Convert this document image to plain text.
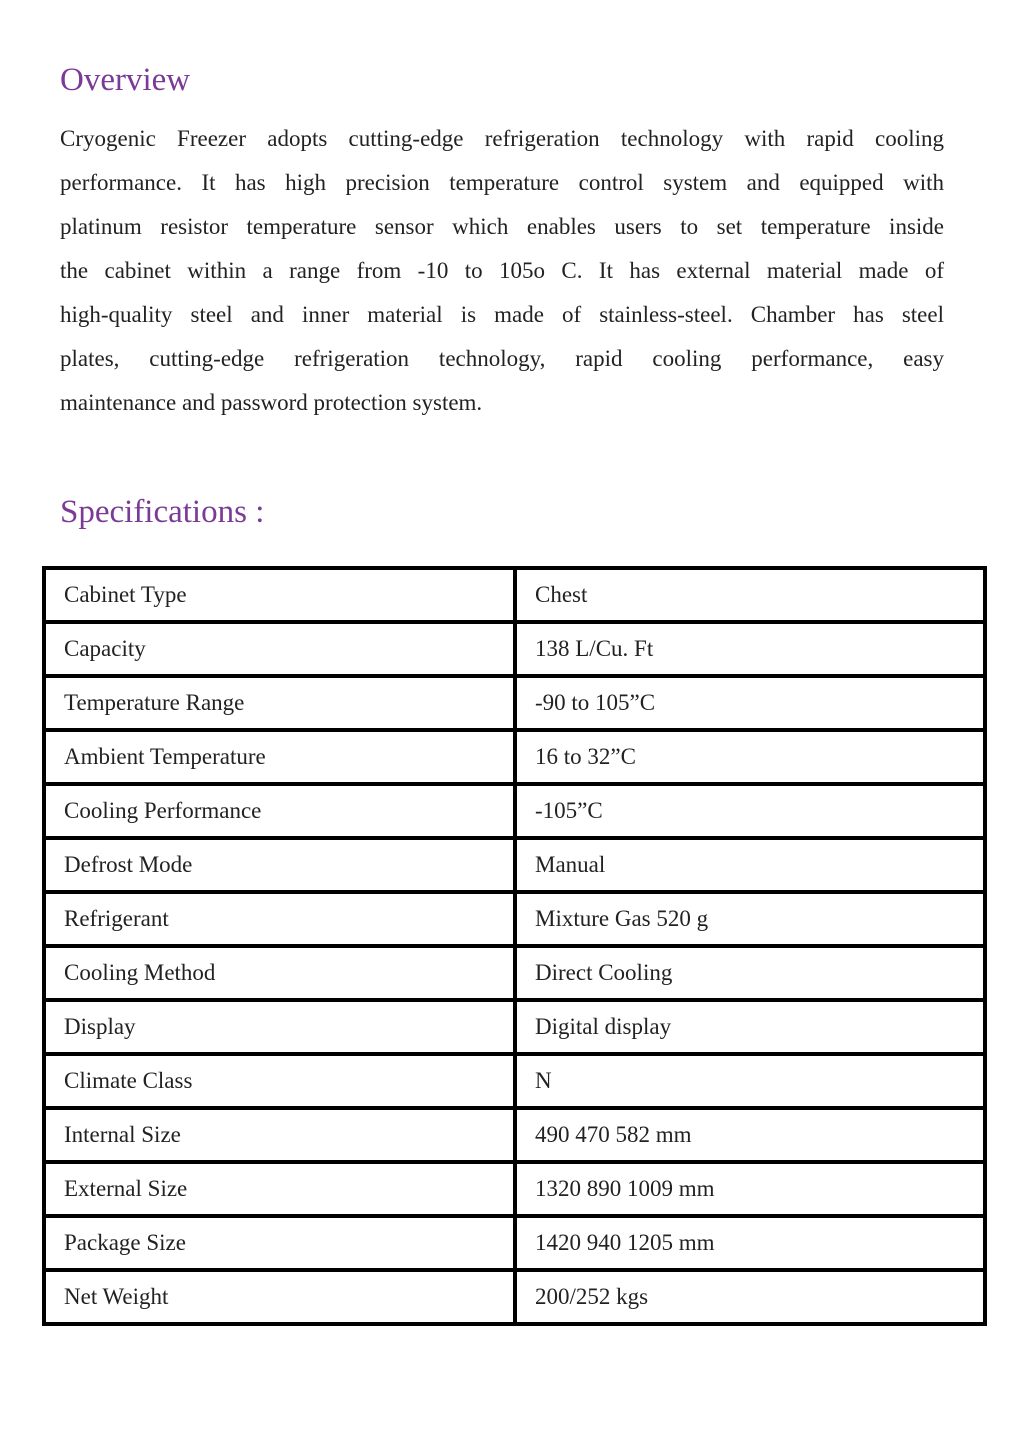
Overview
Cryogenic Freezer adopts cutting-edge refrigeration technology with rapid cooling
performance. It has high precision temperature control system and equipped with
platinum resistor temperature sensor which enables users to set temperature inside
the cabinet within a range from -10 to 105o C. It has external material made of
high-quality steel and inner material is made of stainless-steel. Chamber has steel
plates, cutting-edge refrigeration technology, rapid cooling performance, easy
maintenance and password protection system.
Specifications :
Cabinet Type	Chest
Capacity	138 L/Cu. Ft
Temperature Range	-90 to 105”C
Ambient Temperature	16 to 32”C
Cooling Performance	-105”C
Defrost Mode	Manual
Refrigerant	Mixture Gas 520 g
Cooling Method	Direct Cooling
Display	Digital display
Climate Class	N
Internal Size	490 470 582 mm
External Size	1320 890 1009 mm
Package Size	1420 940 1205 mm
Net Weight	200/252 kgs
